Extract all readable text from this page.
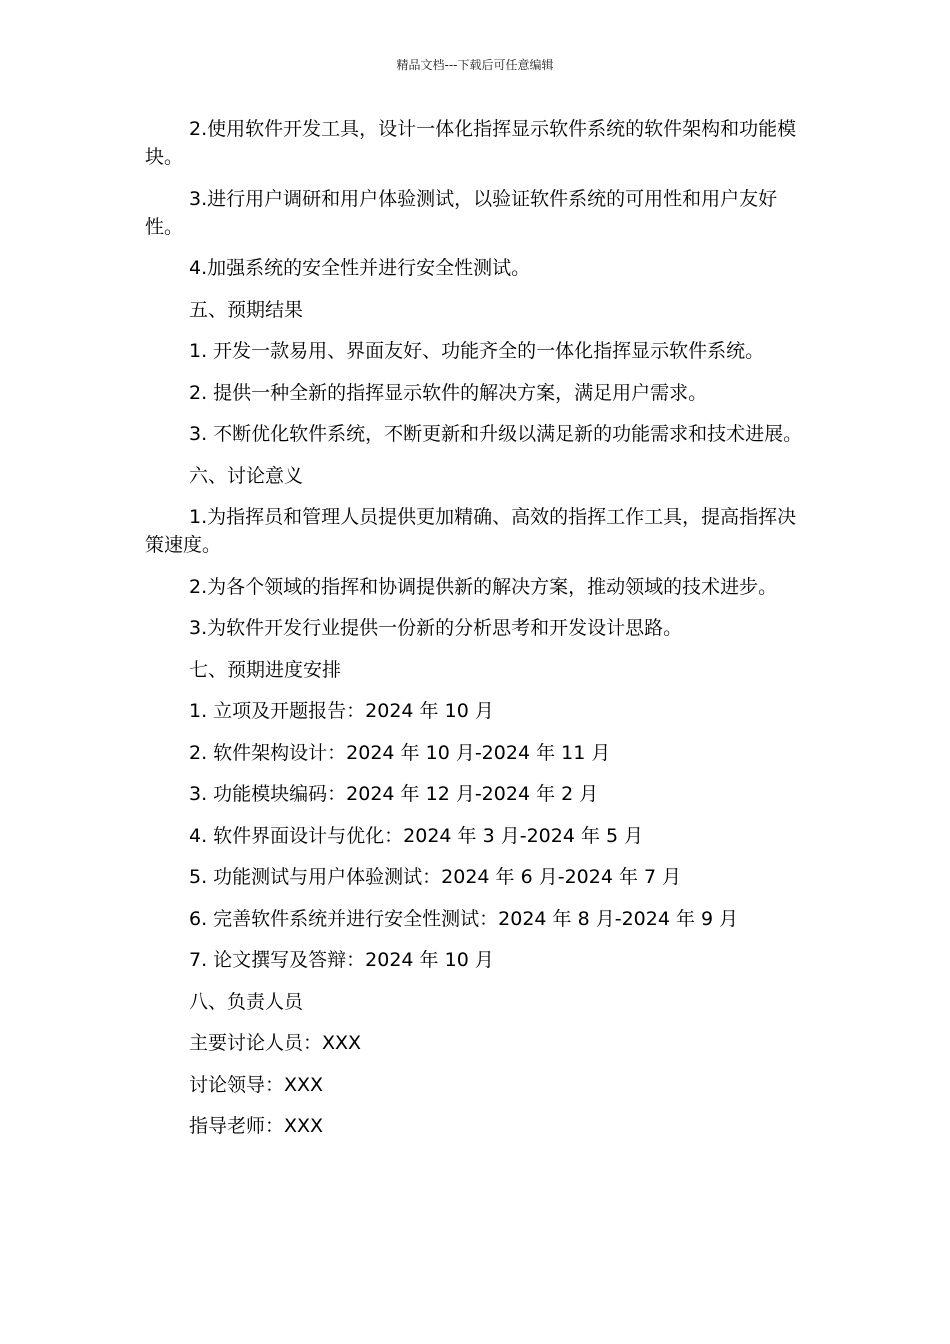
精品文档---下载后可任意编辑

2.使用软件开发工具，设计一体化指挥显示软件系统的软件架构和功能模块。

3.进行用户调研和用户体验测试，以验证软件系统的可用性和用户友好性。

4.加强系统的安全性并进行安全性测试。

五、预期结果

1. 开发一款易用、界面友好、功能齐全的一体化指挥显示软件系统。

2. 提供一种全新的指挥显示软件的解决方案，满足用户需求。

3. 不断优化软件系统，不断更新和升级以满足新的功能需求和技术进展。

六、讨论意义

1.为指挥员和管理人员提供更加精确、高效的指挥工作工具，提高指挥决策速度。

2.为各个领域的指挥和协调提供新的解决方案，推动领域的技术进步。

3.为软件开发行业提供一份新的分析思考和开发设计思路。

七、预期进度安排

1. 立项及开题报告：2024 年 10 月

2. 软件架构设计：2024 年 10 月-2024 年 11 月

3. 功能模块编码：2024 年 12 月-2024 年 2 月

4. 软件界面设计与优化：2024 年 3 月-2024 年 5 月

5. 功能测试与用户体验测试：2024 年 6 月-2024 年 7 月

6. 完善软件系统并进行安全性测试：2024 年 8 月-2024 年 9 月

7. 论文撰写及答辩：2024 年 10 月

八、负责人员

主要讨论人员：XXX

讨论领导：XXX

指导老师：XXX
